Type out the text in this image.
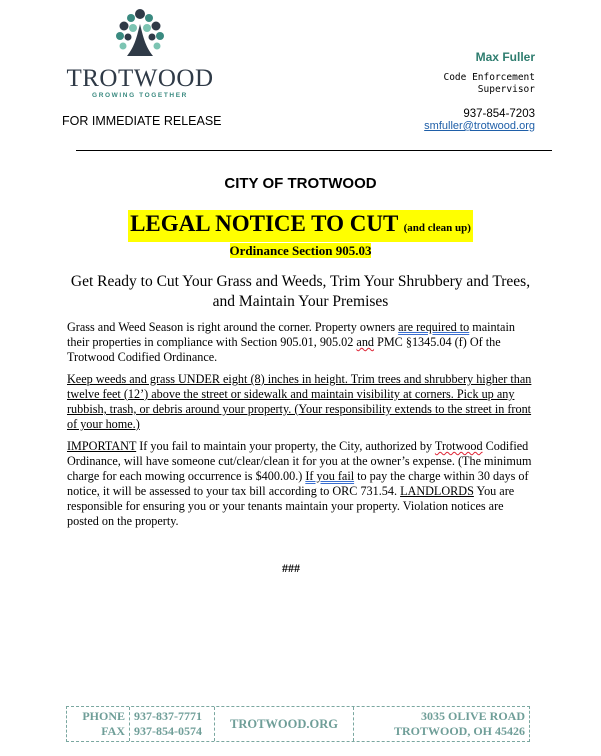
TROTWOOD
GROWING TOGETHER
FOR IMMEDIATE RELEASE
Max Fuller
Code Enforcement
Supervisor
937-854-7203
smfuller@trotwood.org
CITY OF TROTWOOD
LEGAL NOTICE TO CUT (and clean up)
Ordinance Section 905.03
Get Ready to Cut Your Grass and Weeds, Trim Your Shrubbery and Trees, and Maintain Your Premises

Grass and Weed Season is right around the corner. Property owners are required to maintain their properties in compliance with Section 905.01, 905.02 and PMC §1345.04 (f) Of the Trotwood Codified Ordinance.

Keep weeds and grass UNDER eight (8) inches in height. Trim trees and shrubbery higher than twelve feet (12’) above the street or sidewalk and maintain visibility at corners. Pick up any rubbish, trash, or debris around your property. (Your responsibility extends to the street in front of your home.)

IMPORTANT If you fail to maintain your property, the City, authorized by Trotwood Codified Ordinance, will have someone cut/clear/clean it for you at the owner’s expense. (The minimum charge for each mowing occurrence is $400.00.) If you fail to pay the charge within 30 days of notice, it will be assessed to your tax bill according to ORC 731.54. LANDLORDS You are responsible for ensuring you or your tenants maintain your property. Violation notices are posted on the property.

###
PHONE
FAX
937-837-7771
937-854-0574	TROTWOOD.ORG
3035 OLIVE ROAD
TROTWOOD, OH 45426
